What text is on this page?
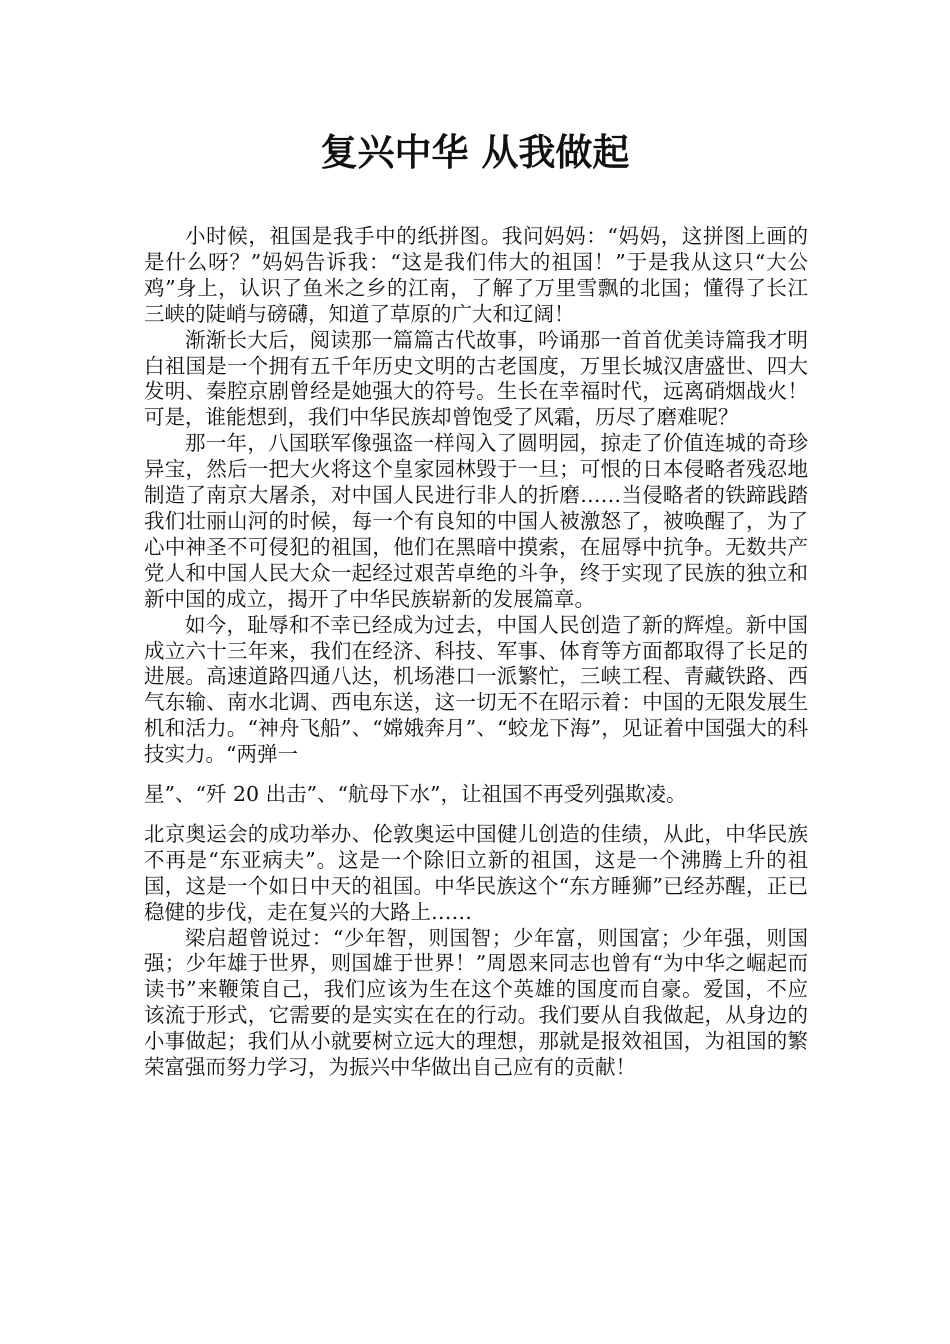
复兴中华 从我做起

小时候，祖国是我手中的纸拼图。我问妈妈：“妈妈，这拼图上画的是什么呀？”妈妈告诉我：“这是我们伟大的祖国！”于是我从这只“大公鸡”身上，认识了鱼米之乡的江南，了解了万里雪飘的北国；懂得了长江三峡的陡峭与磅礴，知道了草原的广大和辽阔！

渐渐长大后，阅读那一篇篇古代故事，吟诵那一首首优美诗篇我才明白祖国是一个拥有五千年历史文明的古老国度，万里长城汉唐盛世、四大发明、秦腔京剧曾经是她强大的符号。生长在幸福时代，远离硝烟战火！可是，谁能想到，我们中华民族却曾饱受了风霜，历尽了磨难呢？

那一年，八国联军像强盗一样闯入了圆明园，掠走了价值连城的奇珍异宝，然后一把大火将这个皇家园林毁于一旦；可恨的日本侵略者残忍地制造了南京大屠杀，对中国人民进行非人的折磨……当侵略者的铁蹄践踏我们壮丽山河的时候，每一个有良知的中国人被激怒了，被唤醒了，为了心中神圣不可侵犯的祖国，他们在黑暗中摸索，在屈辱中抗争。无数共产党人和中国人民大众一起经过艰苦卓绝的斗争，终于实现了民族的独立和新中国的成立，揭开了中华民族崭新的发展篇章。

如今，耻辱和不幸已经成为过去，中国人民创造了新的辉煌。新中国成立六十三年来，我们在经济、科技、军事、体育等方面都取得了长足的进展。高速道路四通八达，机场港口一派繁忙，三峡工程、青藏铁路、西气东输、南水北调、西电东送，这一切无不在昭示着：中国的无限发展生机和活力。“神舟飞船”、“嫦娥奔月”、“蛟龙下海”，见证着中国强大的科技实力。“两弹一

星”、“歼 20 出击”、“航母下水”，让祖国不再受列强欺凌。

北京奥运会的成功举办、伦敦奥运中国健儿创造的佳绩，从此，中华民族不再是“东亚病夫”。这是一个除旧立新的祖国，这是一个沸腾上升的祖国，这是一个如日中天的祖国。中华民族这个“东方睡狮”已经苏醒，正已稳健的步伐，走在复兴的大路上……

梁启超曾说过：“少年智，则国智；少年富，则国富；少年强，则国强；少年雄于世界，则国雄于世界！”周恩来同志也曾有“为中华之崛起而读书”来鞭策自己，我们应该为生在这个英雄的国度而自豪。爱国，不应该流于形式，它需要的是实实在在的行动。我们要从自我做起，从身边的小事做起；我们从小就要树立远大的理想，那就是报效祖国，为祖国的繁荣富强而努力学习，为振兴中华做出自己应有的贡献！
